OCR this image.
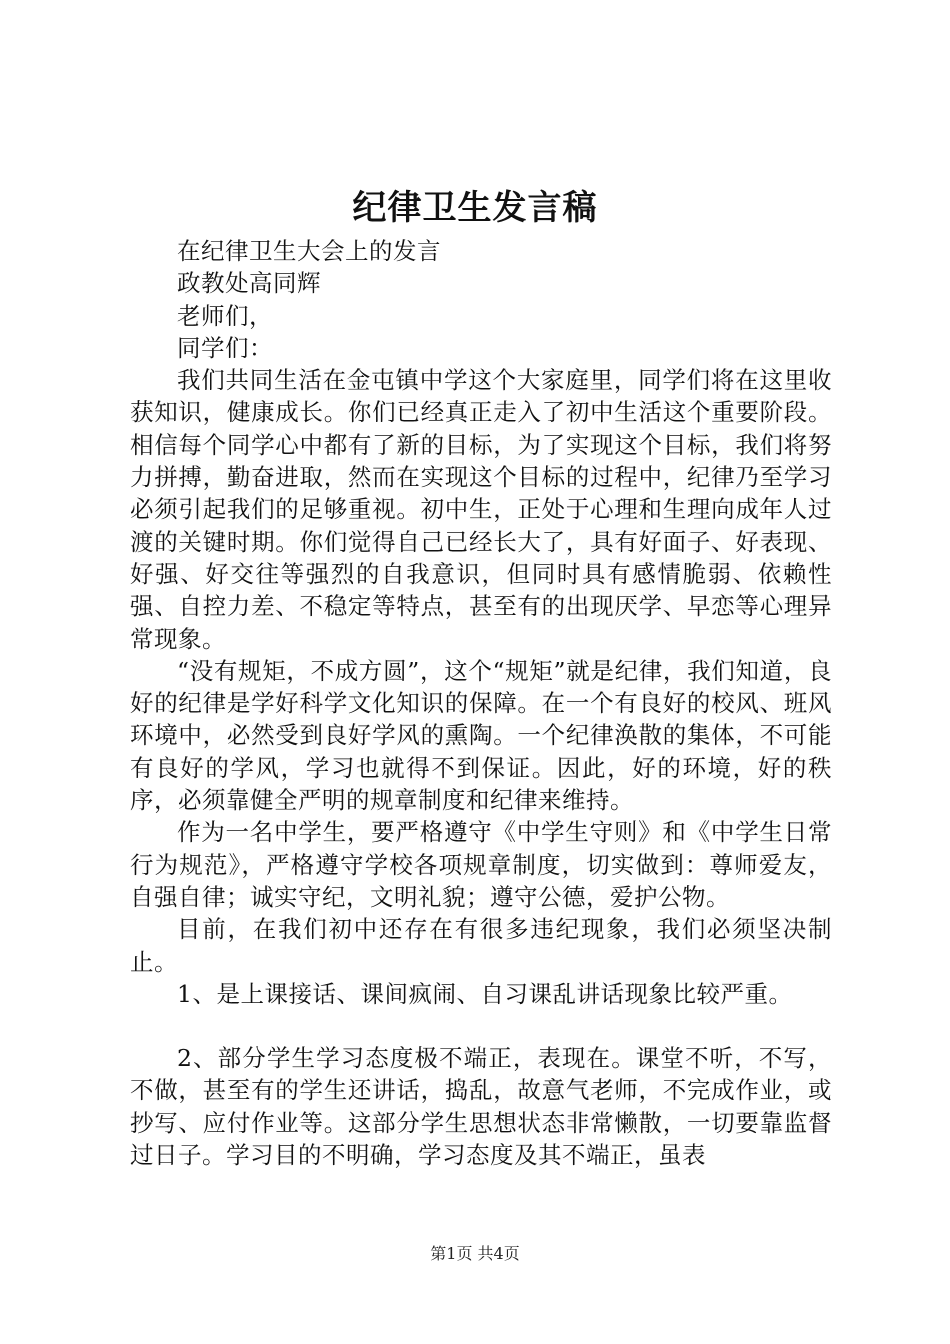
纪律卫生发言稿

在纪律卫生大会上的发言

政教处高同辉

老师们，

同学们：

我们共同生活在金屯镇中学这个大家庭里，同学们将在这里收获知识，健康成长。你们已经真正走入了初中生活这个重要阶段。相信每个同学心中都有了新的目标，为了实现这个目标，我们将努力拼搏，勤奋进取，然而在实现这个目标的过程中，纪律乃至学习必须引起我们的足够重视。初中生，正处于心理和生理向成年人过渡的关键时期。你们觉得自己已经长大了，具有好面子、好表现、好强、好交往等强烈的自我意识，但同时具有感情脆弱、依赖性强、自控力差、不稳定等特点，甚至有的出现厌学、早恋等心理异常现象。

“没有规矩，不成方圆”，这个“规矩”就是纪律，我们知道，良好的纪律是学好科学文化知识的保障。在一个有良好的校风、班风环境中，必然受到良好学风的熏陶。一个纪律涣散的集体，不可能有良好的学风，学习也就得不到保证。因此，好的环境，好的秩序，必须靠健全严明的规章制度和纪律来维持。

作为一名中学生，要严格遵守《中学生守则》和《中学生日常行为规范》，严格遵守学校各项规章制度，切实做到：尊师爱友，自强自律；诚实守纪，文明礼貌；遵守公德，爱护公物。

目前，在我们初中还存在有很多违纪现象，我们必须坚决制止。

1、是上课接话、课间疯闹、自习课乱讲话现象比较严重。

2、部分学生学习态度极不端正，表现在。课堂不听，不写，不做，甚至有的学生还讲话，捣乱，故意气老师，不完成作业，或抄写、应付作业等。这部分学生思想状态非常懒散，一切要靠监督过日子。学习目的不明确，学习态度及其不端正，虽表

第1页 共4页
